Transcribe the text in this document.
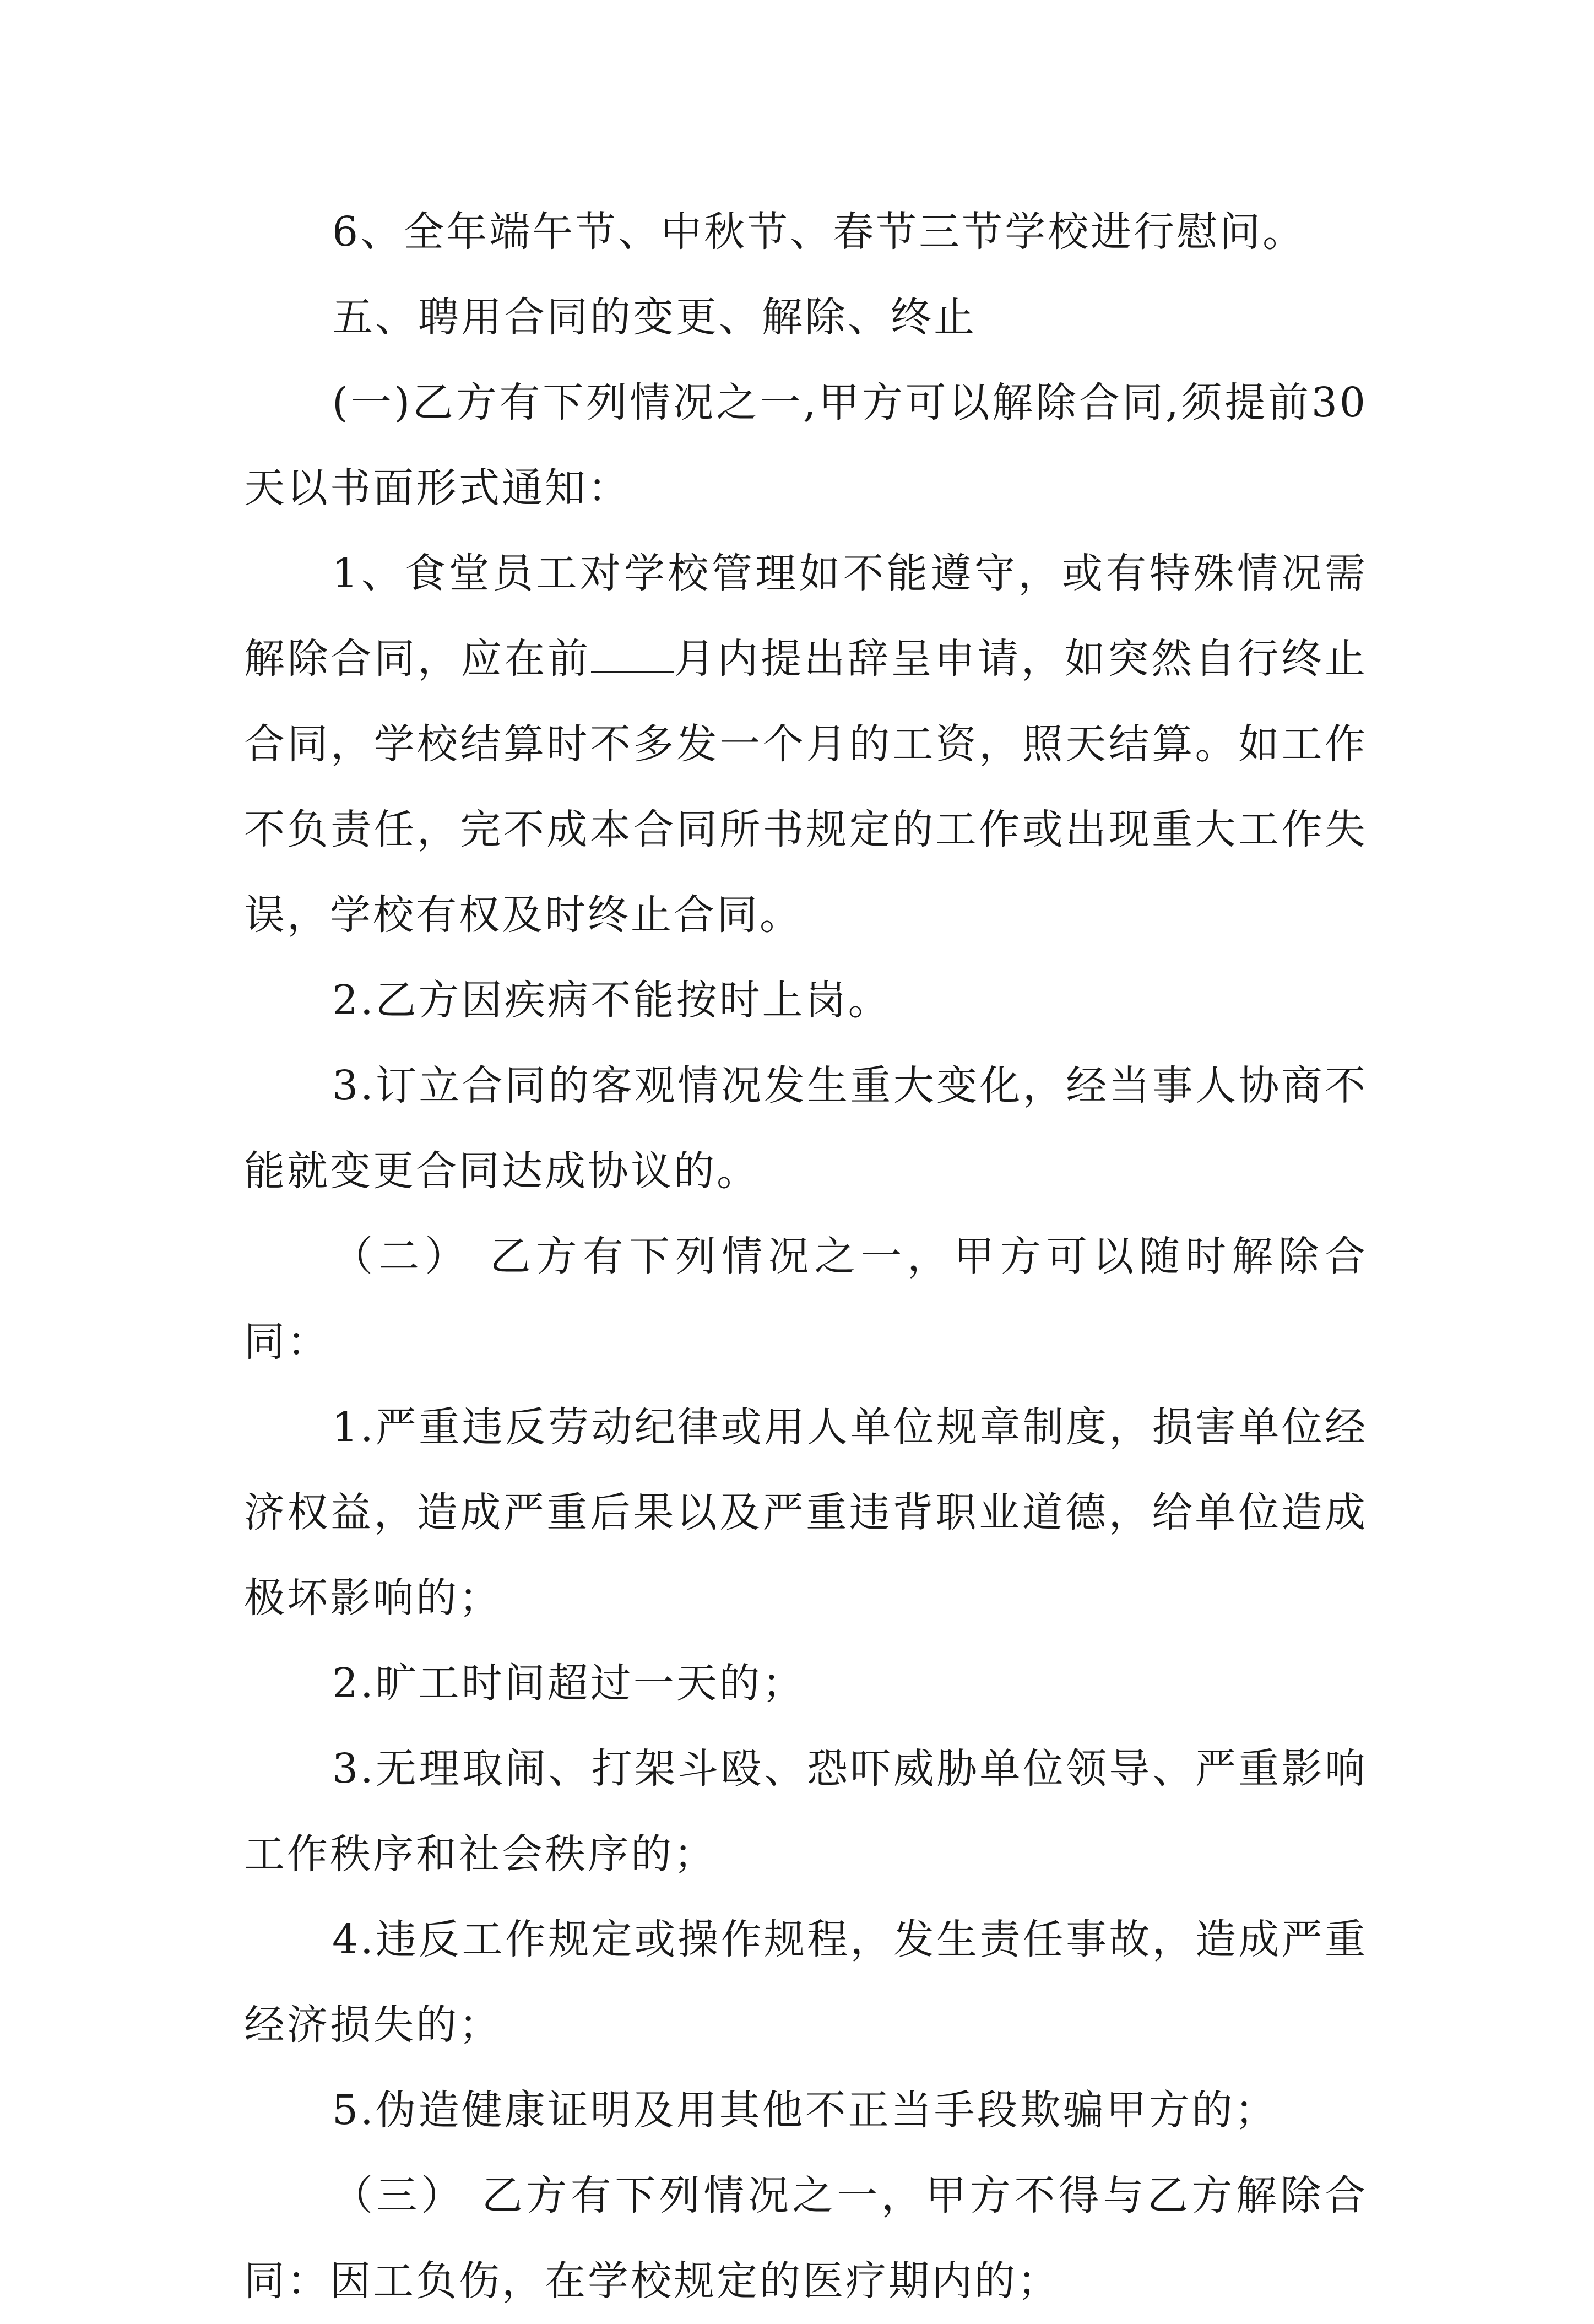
6、全年端午节、中秋节、春节三节学校进行慰问。

五、聘用合同的变更、解除、终止

(一)乙方有下列情况之一,甲方可以解除合同,须提前30天以书面形式通知：

1、食堂员工对学校管理如不能遵守，或有特殊情况需解除合同，应在前 月内提出辞呈申请，如突然自行终止合同，学校结算时不多发一个月的工资，照天结算。如工作不负责任，完不成本合同所书规定的工作或出现重大工作失误，学校有权及时终止合同。

2.乙方因疾病不能按时上岗。

3.订立合同的客观情况发生重大变化，经当事人协商不能就变更合同达成协议的。

（二） 乙方有下列情况之一，甲方可以随时解除合同：

1.严重违反劳动纪律或用人单位规章制度，损害单位经济权益，造成严重后果以及严重违背职业道德，给单位造成极坏影响的；

2.旷工时间超过一天的；

3.无理取闹、打架斗殴、恐吓威胁单位领导、严重影响工作秩序和社会秩序的；

4.违反工作规定或操作规程，发生责任事故，造成严重经济损失的；

5.伪造健康证明及用其他不正当手段欺骗甲方的；

（三） 乙方有下列情况之一，甲方不得与乙方解除合同：因工负伤，在学校规定的医疗期内的；
